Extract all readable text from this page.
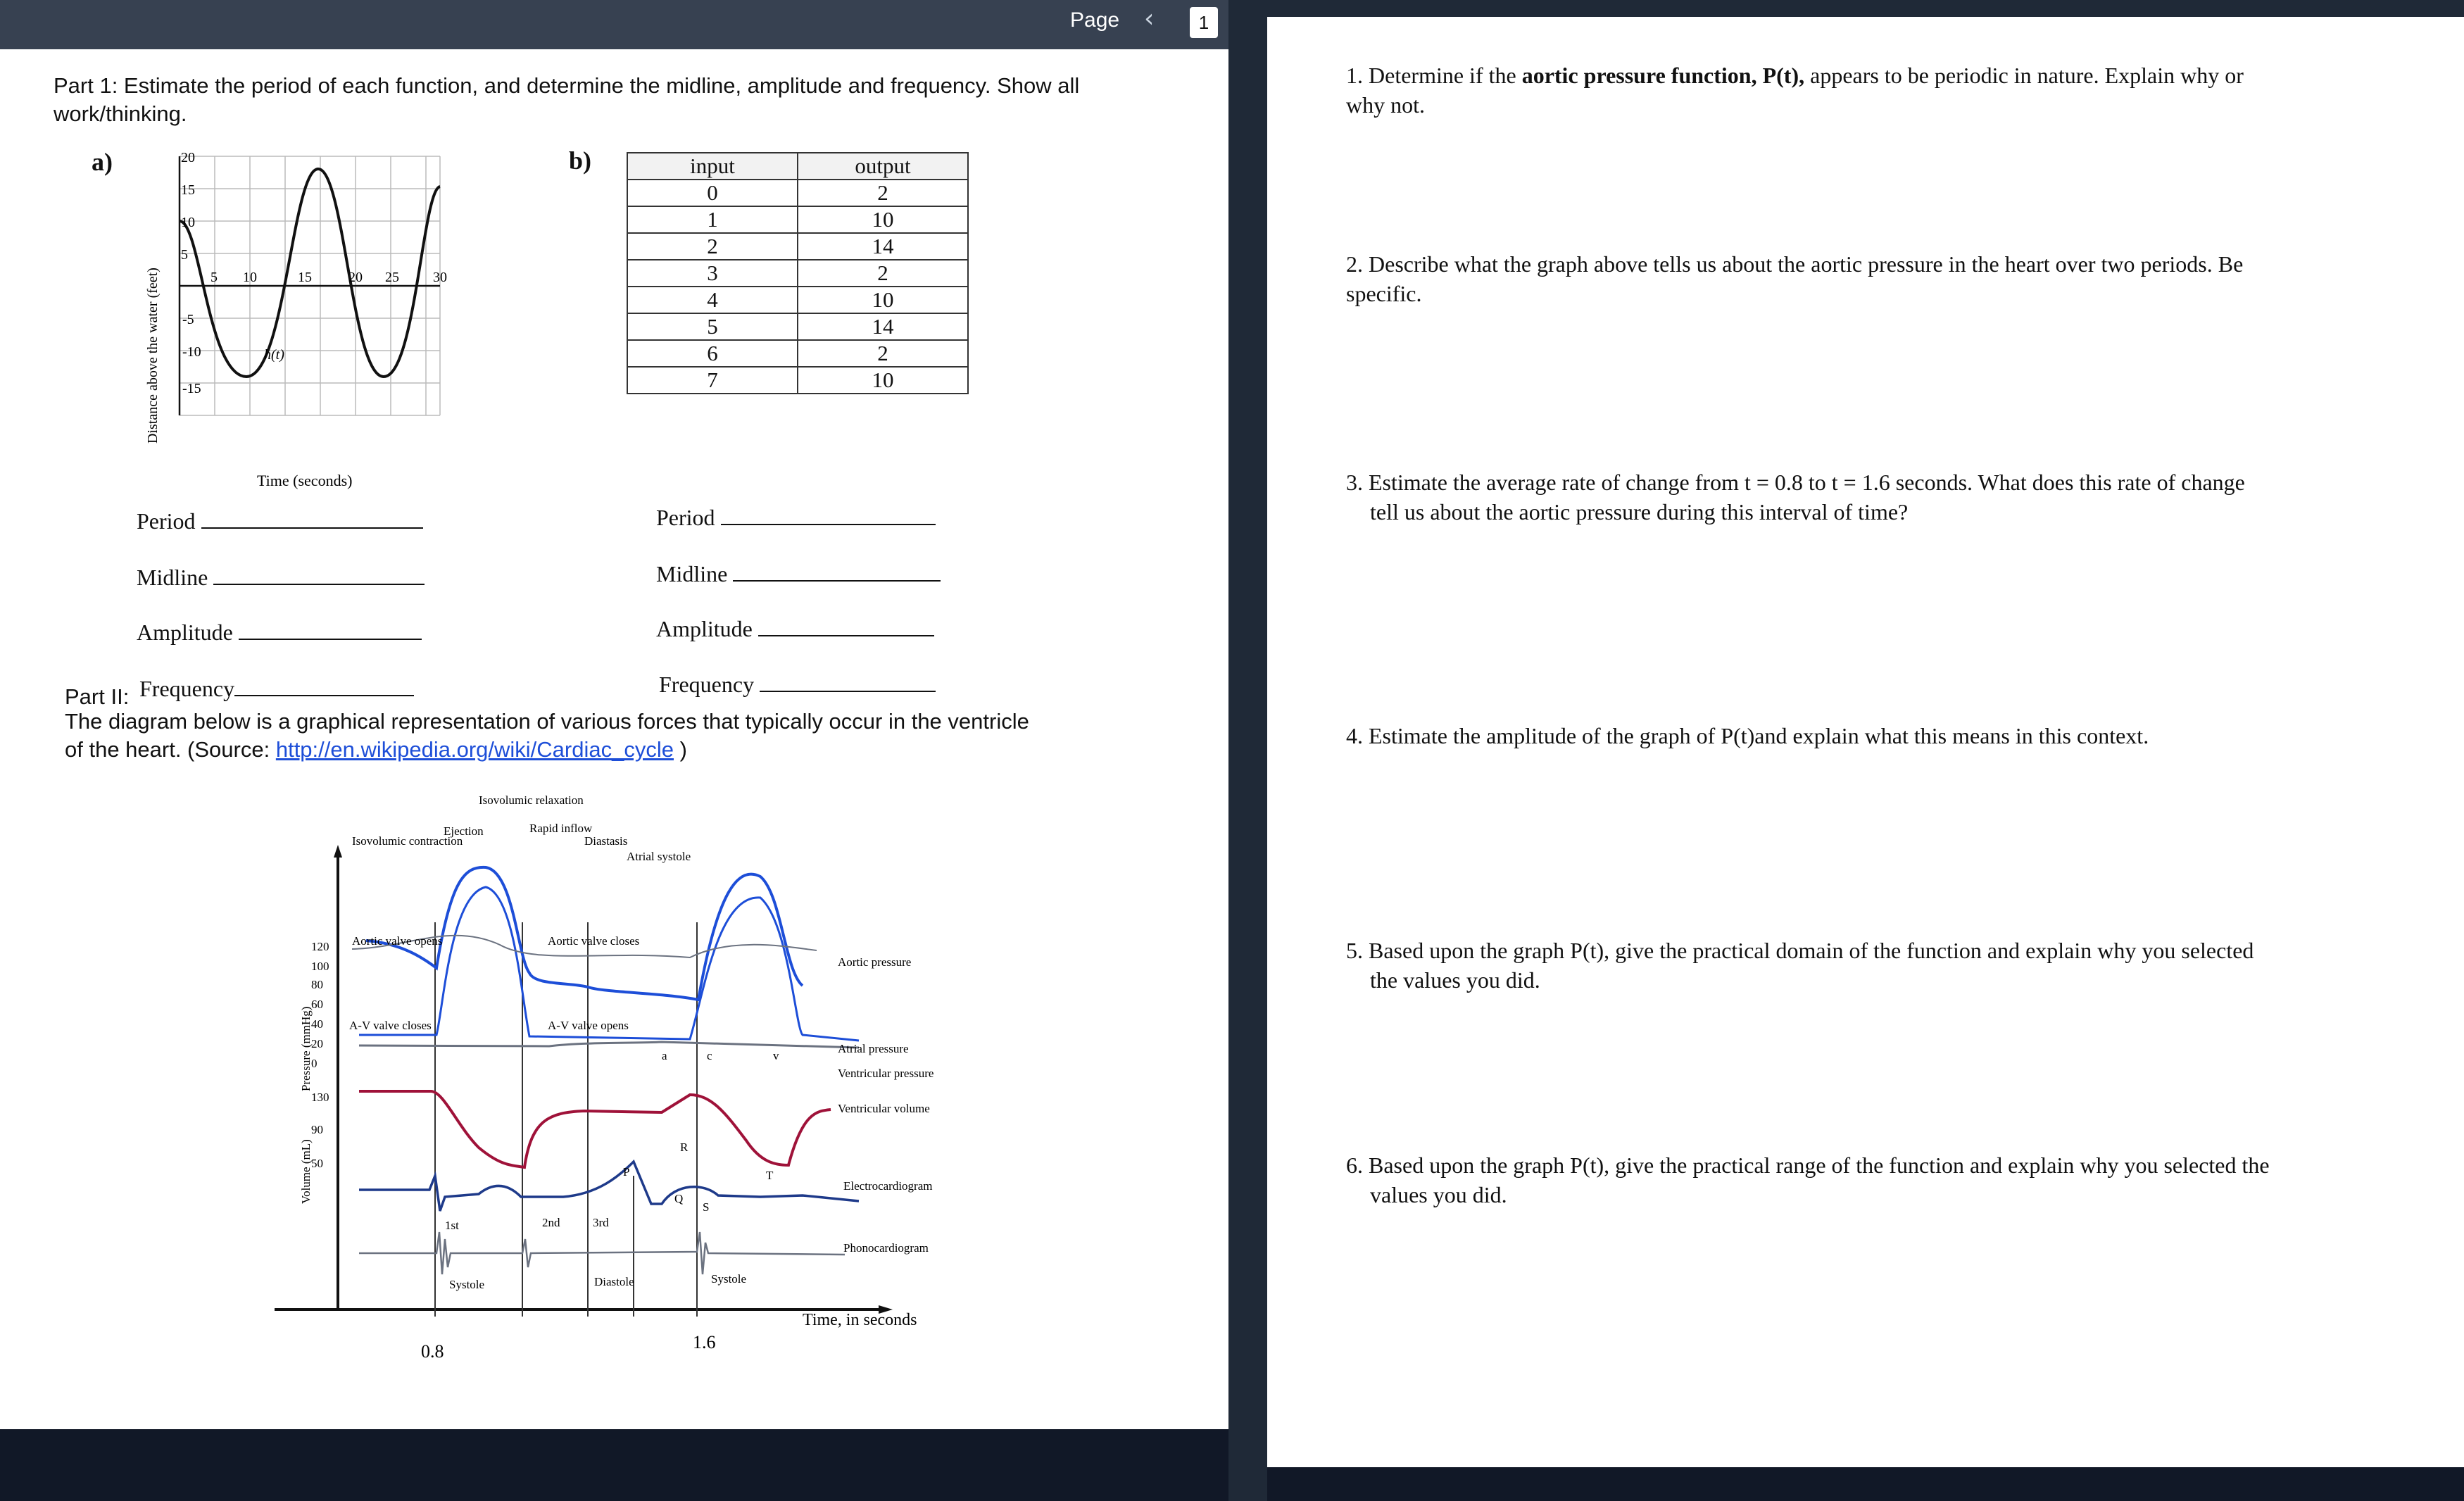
Page ‹	1
Part 1: Estimate the period of each function, and determine the midline, amplitude and frequency. Show all work/thinking.
a)	20
15
10
5
-5
-10
-15
5 10	15	20 25 30
h(t)
Time (seconds)
Distance above the water (feet)
Period
Midline
Amplitude
Frequency
b)	input	output
0	2
1	10
2	14
3	2
4	10
5	14
6	2
7	10
Period
Midline
Amplitude
Frequency
Part II:
The diagram below is a graphical representation of various forces that typically occur in the ventricle
of the heart. (Source: http://en.wikipedia.org/wiki/Cardiac_cycle )
Isovolumic relaxation
Isovolumic contraction
Ejection	Rapid inflow
Diastasis
Atrial systole
Aortic valve opens	Aortic valve closes
A-V valve closes	A-V valve opens
Aortic pressure
Atrial pressure
Ventricular pressure
Ventricular volume
Electrocardiogram
Phonocardiogram
Pressure (mmHg)
Volume (mL)
120
100
80
60
40
20
0
130
90
50
a	c	v
P
R
Q
S
T
1st	2nd	3rd
Systole	Diastole	Systole
Time, in seconds
0.8	1.6
1. Determine if the aortic pressure function, P(t), appears to be periodic in nature. Explain why or
why not.
2. Describe what the graph above tells us about the aortic pressure in the heart over two periods. Be
specific.
3. Estimate the average rate of change from t = 0.8 to t = 1.6 seconds. What does this rate of change
tell us about the aortic pressure during this interval of time?
4. Estimate the amplitude of the graph of P(t)and explain what this means in this context.
5. Based upon the graph P(t), give the practical domain of the function and explain why you selected
the values you did.
6. Based upon the graph P(t), give the practical range of the function and explain why you selected the
values you did.
